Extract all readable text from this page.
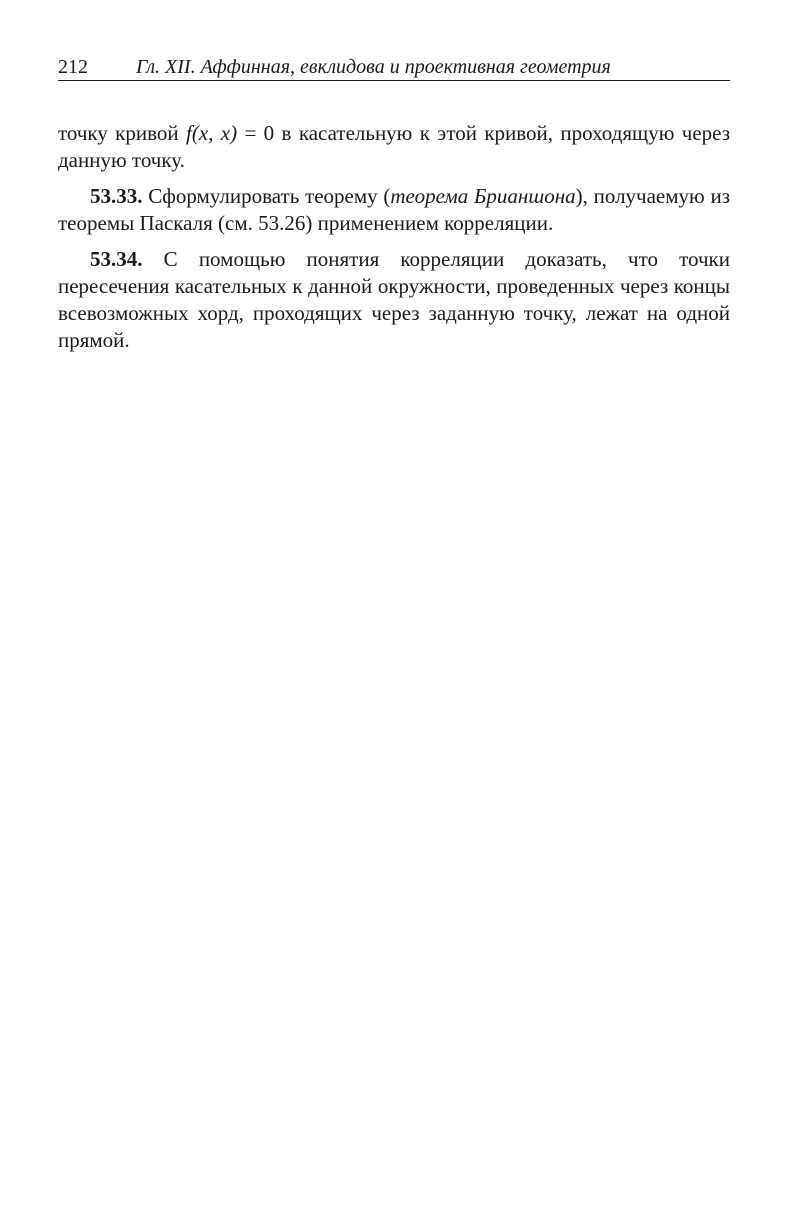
212 Гл. XII. Аффинная, евклидова и проективная геометрия

точку кривой f(x, x) = 0 в касательную к этой кривой, проходящую через данную точку.

53.33. Сформулировать теорему (теорема Брианшона), получаемую из теоремы Паскаля (см. 53.26) применением корреляции.

53.34. С помощью понятия корреляции доказать, что точки пересечения касательных к данной окружности, проведенных через концы всевозможных хорд, проходящих через заданную точку, лежат на одной прямой.
